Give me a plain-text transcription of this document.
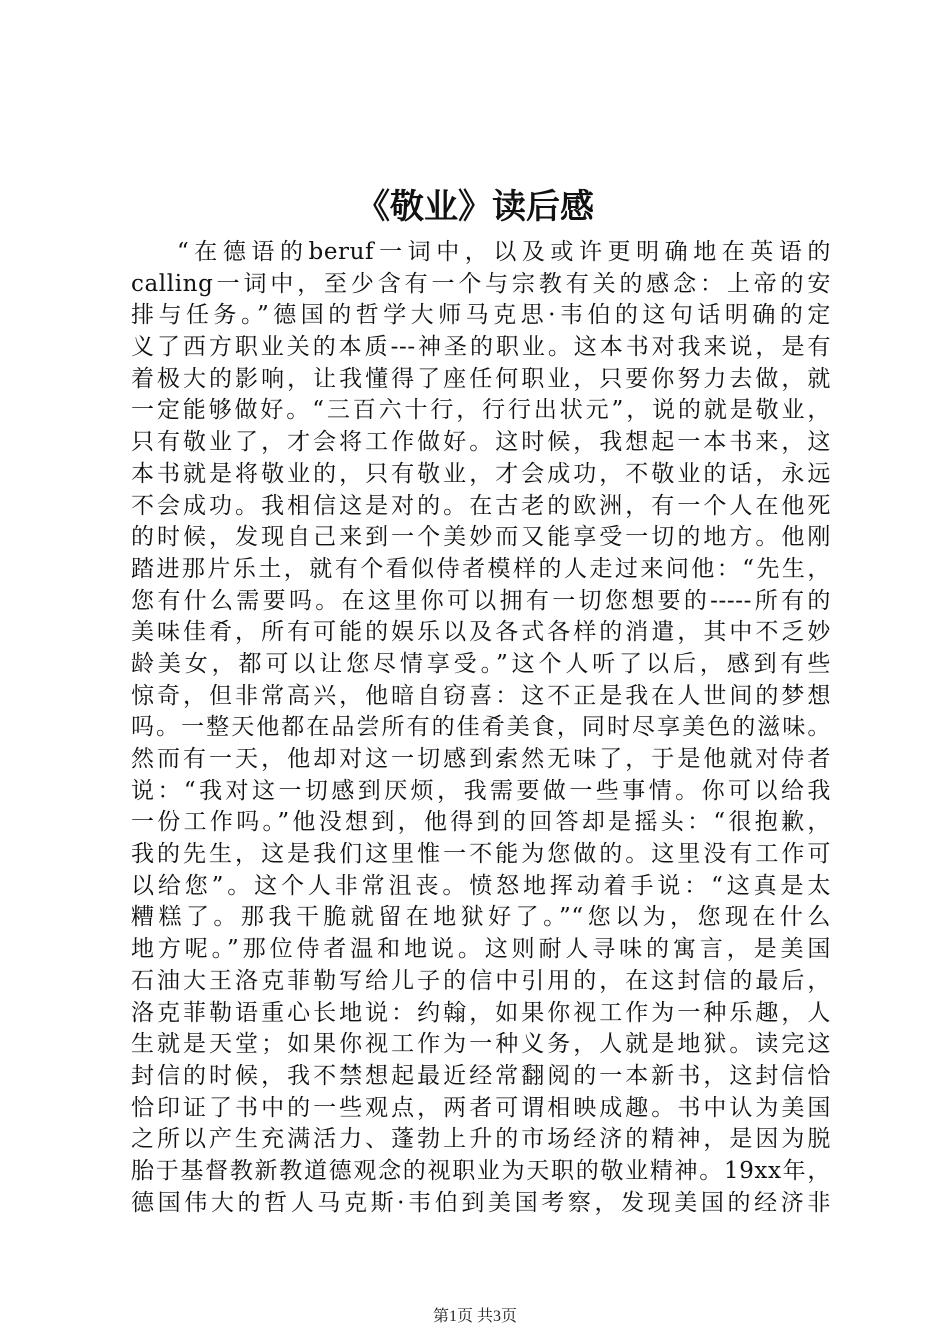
《敬业》读后感
“在德语的beruf一词中，以及或许更明确地在英语的
calling一词中，至少含有一个与宗教有关的感念：上帝的安
排与任务。”德国的哲学大师马克思·韦伯的这句话明确的定
义了西方职业关的本质---神圣的职业。这本书对我来说，是有
着极大的影响，让我懂得了座任何职业，只要你努力去做，就
一定能够做好。“三百六十行，行行出状元”，说的就是敬业，
只有敬业了，才会将工作做好。这时候，我想起一本书来，这
本书就是将敬业的，只有敬业，才会成功，不敬业的话，永远
不会成功。我相信这是对的。在古老的欧洲，有一个人在他死
的时候，发现自己来到一个美妙而又能享受一切的地方。他刚
踏进那片乐土，就有个看似侍者模样的人走过来问他：“先生，
您有什么需要吗。在这里你可以拥有一切您想要的-----所有的
美味佳肴，所有可能的娱乐以及各式各样的消遣，其中不乏妙
龄美女，都可以让您尽情享受。”这个人听了以后，感到有些
惊奇，但非常高兴，他暗自窃喜：这不正是我在人世间的梦想
吗。一整天他都在品尝所有的佳肴美食，同时尽享美色的滋味。
然而有一天，他却对这一切感到索然无味了，于是他就对侍者
说：“我对这一切感到厌烦，我需要做一些事情。你可以给我
一份工作吗。”他没想到，他得到的回答却是摇头：“很抱歉，
我的先生，这是我们这里惟一不能为您做的。这里没有工作可
以给您”。这个人非常沮丧。愤怒地挥动着手说：“这真是太
糟糕了。那我干脆就留在地狱好了。”“您以为，您现在什么
地方呢。”那位侍者温和地说。这则耐人寻味的寓言，是美国
石油大王洛克菲勒写给儿子的信中引用的，在这封信的最后，
洛克菲勒语重心长地说：约翰，如果你视工作为一种乐趣，人
生就是天堂；如果你视工作为一种义务，人就是地狱。读完这
封信的时候，我不禁想起最近经常翻阅的一本新书，这封信恰
恰印证了书中的一些观点，两者可谓相映成趣。书中认为美国
之所以产生充满活力、蓬勃上升的市场经济的精神，是因为脱
胎于基督教新教道德观念的视职业为天职的敬业精神。19xx年，
德国伟大的哲人马克斯·韦伯到美国考察，发现美国的经济非
第1页 共3页
